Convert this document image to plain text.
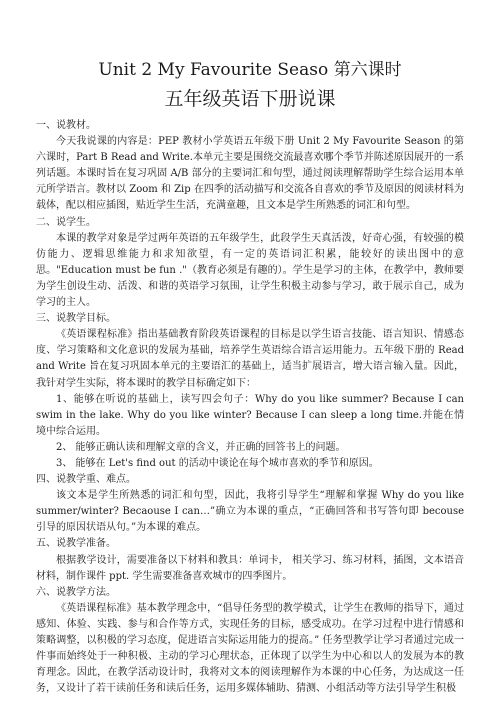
Unit 2 My Favourite Seaso 第六课时
五年级英语下册说课

一、说教材。

今天我说课的内容是：PEP 教材小学英语五年级下册 Unit 2 My Favourite Season 的第六课时，Part B Read and Write.本单元主要是围绕交流最喜欢哪个季节并陈述原因展开的一系列话题。本课时旨在复习巩固 A/B 部分的主要词汇和句型，通过阅读理解帮助学生综合运用本单元所学语言。教材以 Zoom 和 Zip 在四季的活动描写和交流各自喜欢的季节及原因的阅读材料为载体，配以相应插图，贴近学生生活，充满童趣，且文本是学生所熟悉的词汇和句型。

二、说学生。

本课的教学对象是学过两年英语的五年级学生，此段学生天真活泼，好奇心强，有较强的模仿能力、逻辑思维能力和求知欲望，有一定的英语词汇积累，能较好的读出图中的意思。"Education must be fun ."（教育必须是有趣的）。学生是学习的主体，在教学中，教师要为学生创设生动、活泼、和谐的英语学习氛围，让学生积极主动参与学习，敢于展示自己，成为学习的主人。

三、说教学目标。

《英语课程标准》指出基础教育阶段英语课程的目标是以学生语言技能、语言知识、情感态度、学习策略和文化意识的发展为基础，培养学生英语综合语言运用能力。五年级下册的 Read and Write 旨在复习巩固本单元的主要语汇的基础上，适当扩展语言，增大语言输入量。因此，我针对学生实际，将本课时的教学目标确定如下：

1、能够在听说的基础上，读写四会句子：Why do you like summer? Because I can swim in the lake. Why do you like winter? Because I can sleep a long time.并能在情境中综合运用。

2、 能够正确认读和理解文章的含义，并正确的回答书上的问题。

3、 能够在 Let's find out 的活动中谈论在每个城市喜欢的季节和原因。

四、说教学重、难点。

该文本是学生所熟悉的词汇和句型，因此，我将引导学生“理解和掌握 Why do you like summer/winter? Becaouse I can…”确立为本课的重点，“正确回答和书写答句即 becouse 引导的原因状语从句。”为本课的难点。

五、说教学准备。

根据教学设计，需要准备以下材料和教具：单词卡， 相关学习、练习材料，插图，文本语音材料，制作课件 ppt. 学生需要准备喜欢城市的四季图片。

六、说教学方法。

《英语课程标准》基本教学理念中，“倡导任务型的教学模式，让学生在教师的指导下，通过感知、体验、实践、参与和合作等方式，实现任务的目标，感受成功。在学习过程中进行情感和策略调整，以积极的学习态度，促进语言实际运用能力的提高。” 任务型教学让学习者通过完成一件事而始终处于一种积极、主动的学习心理状态，正体现了以学生为中心和以人的发展为本的教育理念。因此，在教学活动设计时，我将对文本的阅读理解作为本课的中心任务，为达成这一任务，又设计了若干读前任务和读后任务，运用多媒体辅助、猜测、小组活动等方法引导学生积极
